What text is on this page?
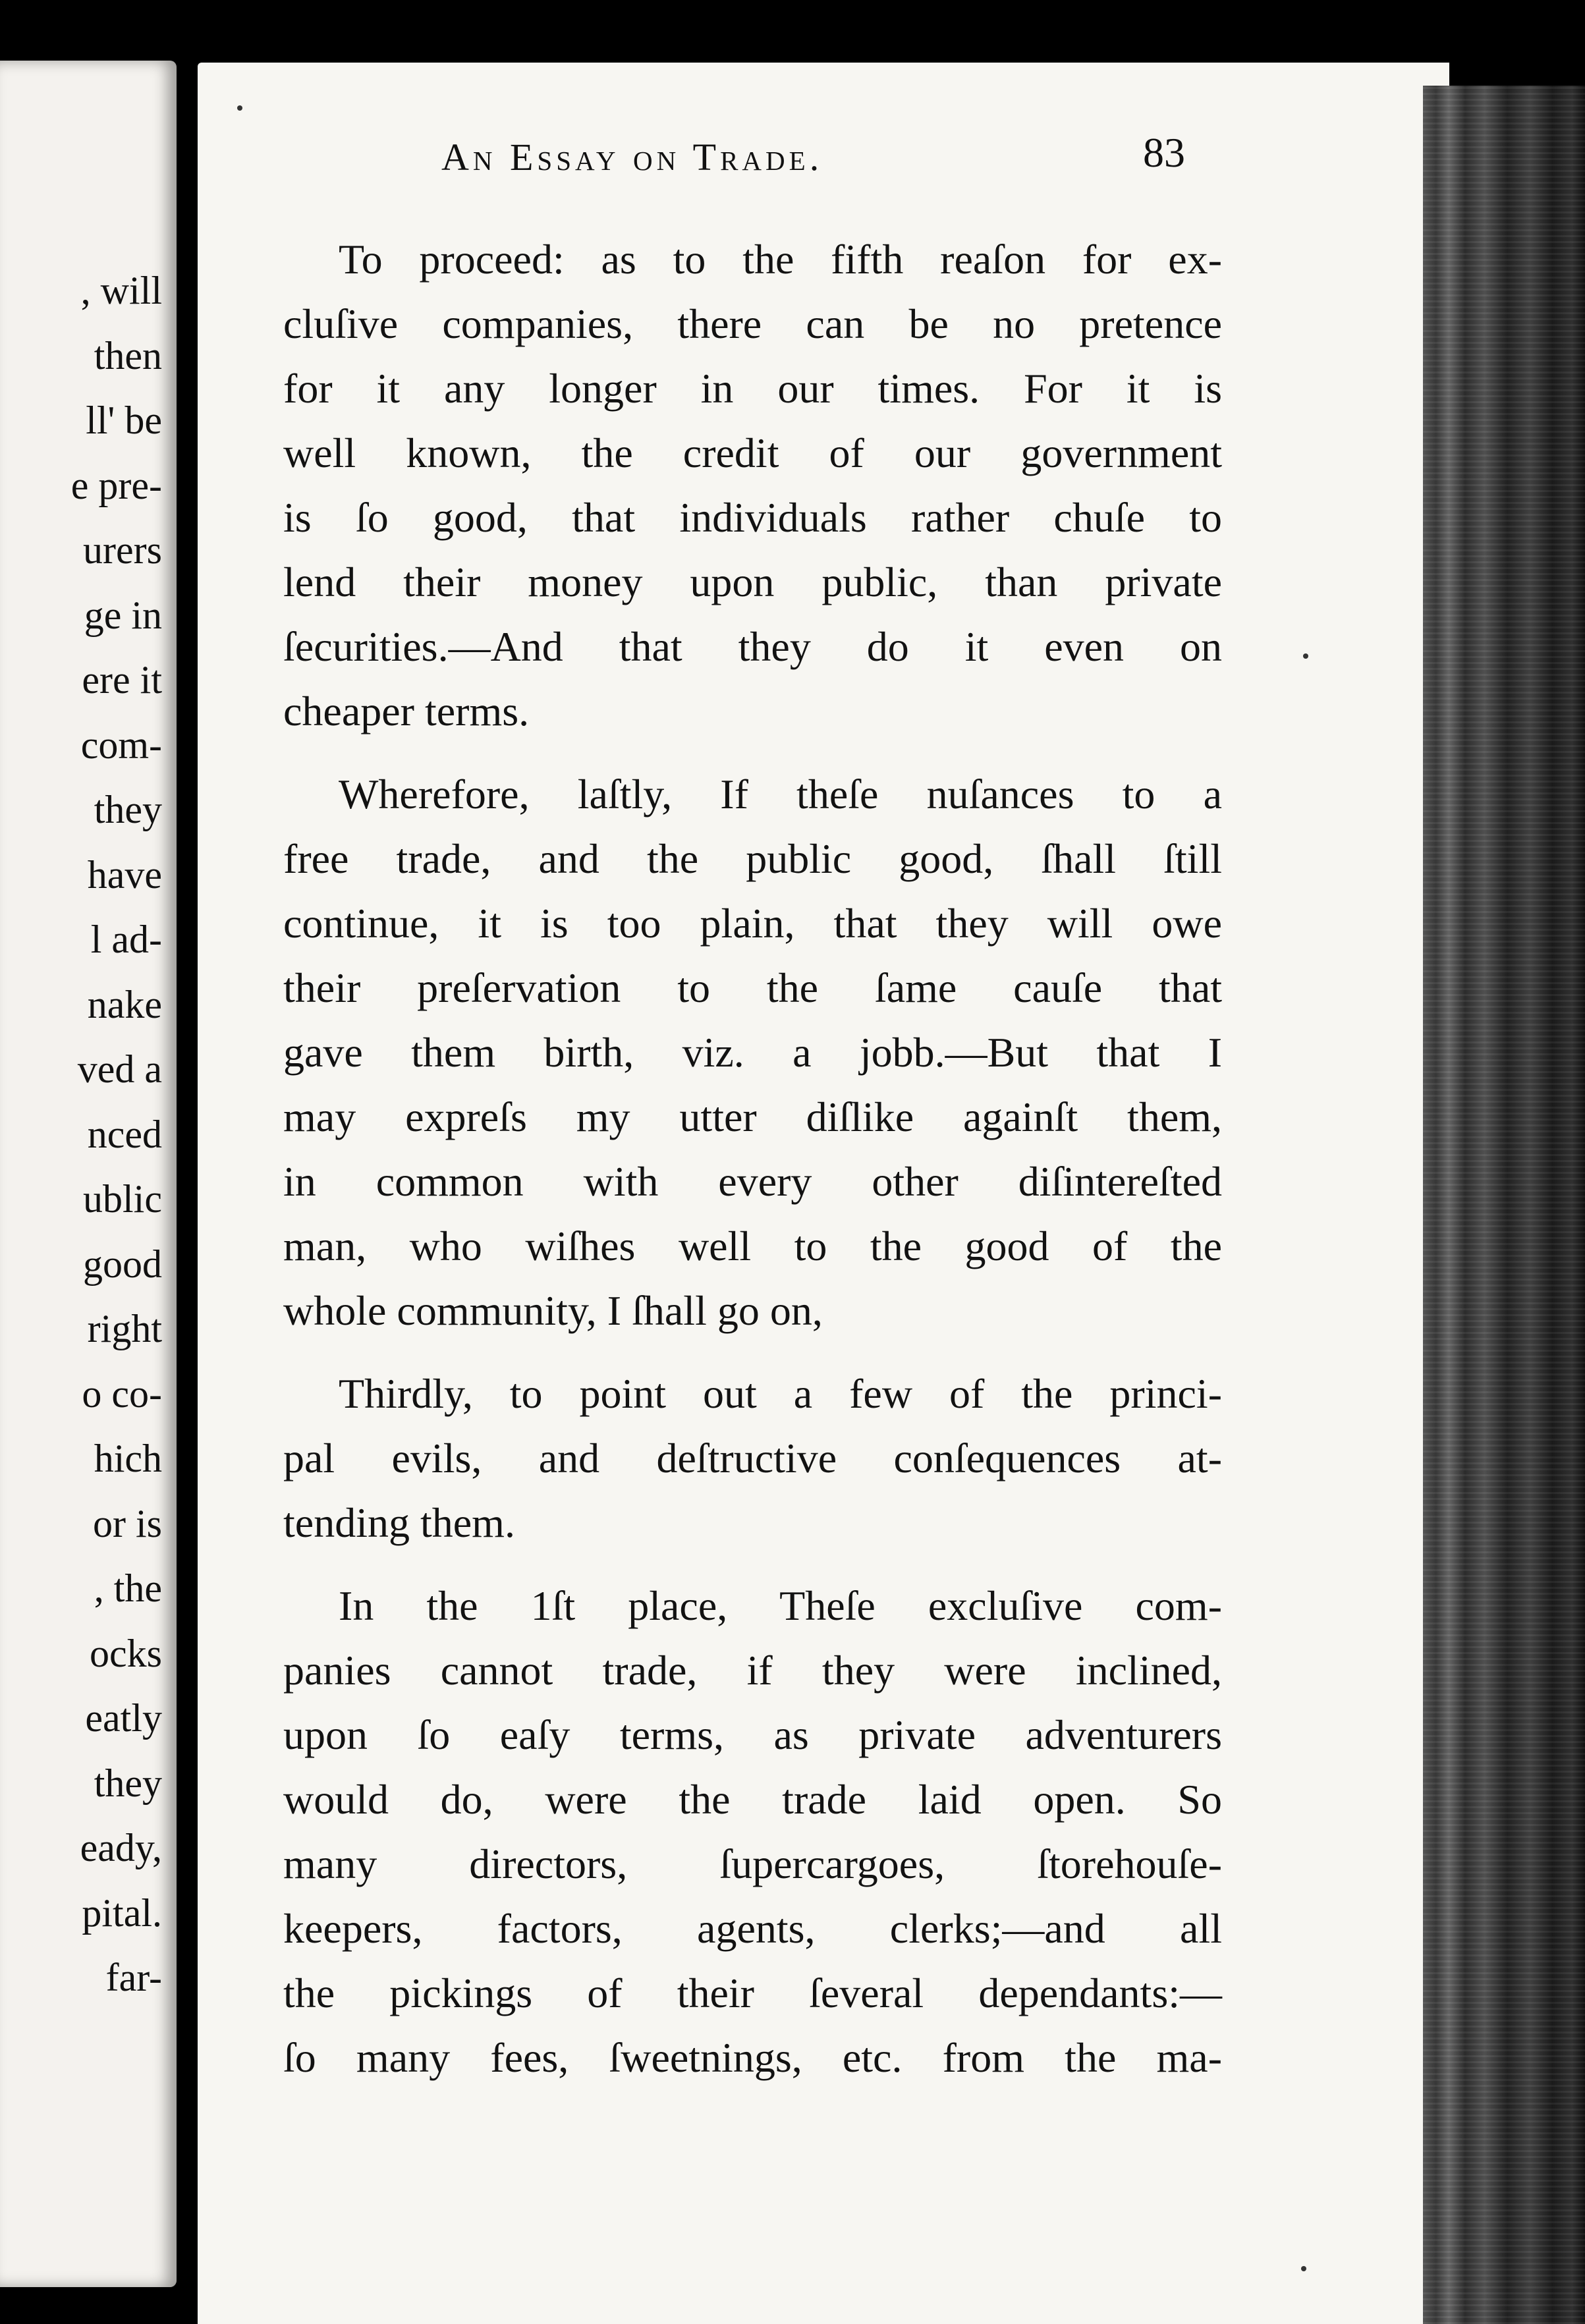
, will
then
ll' be
e pre-
urers
ge in
ere it
com-
they
have
l ad-
nake
ved a
nced
ublic
good
right
o co-
hich
or is
, the
ocks
eatly
they
eady,
pital.
far-
An Essay on Trade.	83

To proceed: as to the fifth reaſon for ex-
cluſive companies, there can be no pretence
for it any longer in our times. For it is
well known, the credit of our government
is ſo good, that individuals rather chuſe to
lend their money upon public, than private
ſecurities.—And that they do it even on
cheaper terms.

Wherefore, laſtly, If theſe nuſances to a
free trade, and the public good, ſhall ſtill
continue, it is too plain, that they will owe
their preſervation to the ſame cauſe that
gave them birth, viz. a jobb.—But that I
may expreſs my utter diſlike againſt them,
in common with every other diſintereſted
man, who wiſhes well to the good of the
whole community, I ſhall go on,

Thirdly, to point out a few of the princi-
pal evils, and deſtructive conſequences at-
tending them.

In the 1ſt place, Theſe excluſive com-
panies cannot trade, if they were inclined,
upon ſo eaſy terms, as private adventurers
would do, were the trade laid open. So
many directors, ſupercargoes, ſtorehouſe-
keepers, factors, agents, clerks;—and all
the pickings of their ſeveral dependants:—
ſo many fees, ſweetnings, etc. from the ma-
